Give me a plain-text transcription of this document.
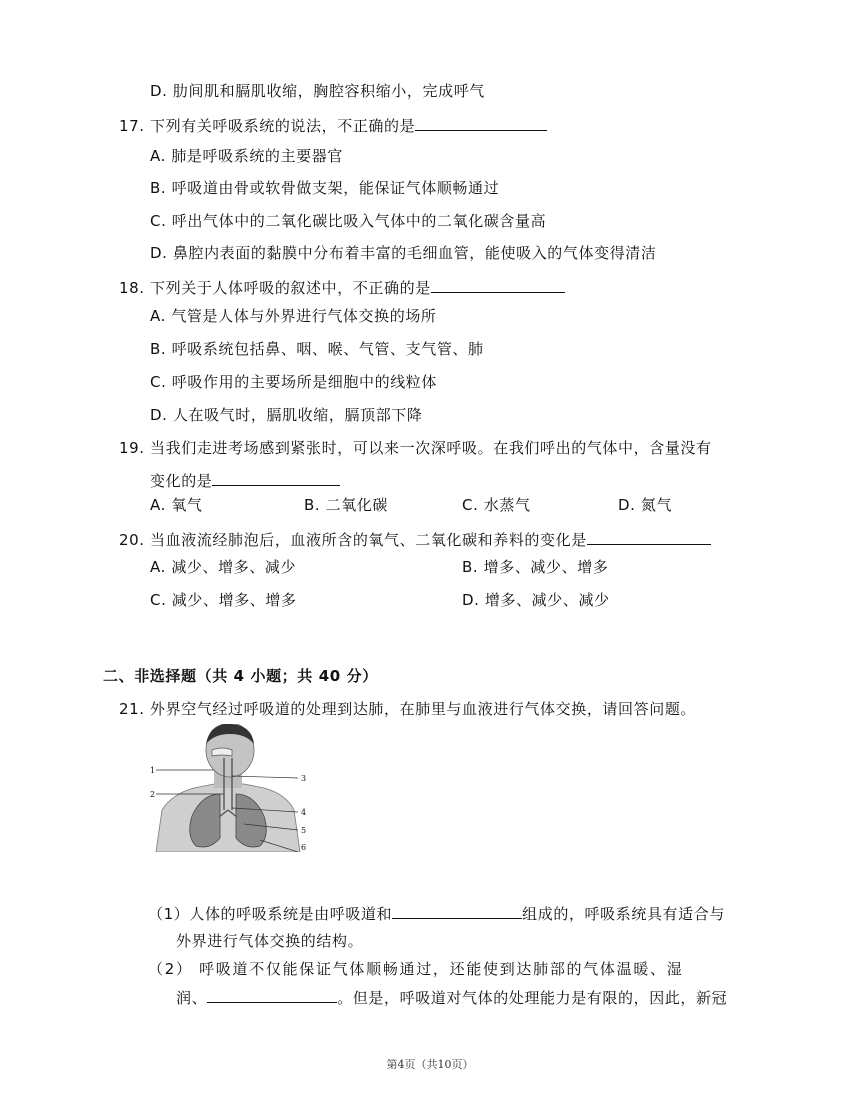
D. 肋间肌和膈肌收缩，胸腔容积缩小，完成呼气
17. 下列有关呼吸系统的说法，不正确的是
A. 肺是呼吸系统的主要器官
B. 呼吸道由骨或软骨做支架，能保证气体顺畅通过
C. 呼出气体中的二氧化碳比吸入气体中的二氧化碳含量高
D. 鼻腔内表面的黏膜中分布着丰富的毛细血管，能使吸入的气体变得清洁
18. 下列关于人体呼吸的叙述中，不正确的是
A. 气管是人体与外界进行气体交换的场所
B. 呼吸系统包括鼻、咽、喉、气管、支气管、肺
C. 呼吸作用的主要场所是细胞中的线粒体
D. 人在吸气时，膈肌收缩，膈顶部下降
19. 当我们走进考场感到紧张时，可以来一次深呼吸。在我们呼出的气体中，含量没有
变化的是
A. 氧气	B. 二氧化碳	C. 水蒸气	D. 氮气
20. 当血液流经肺泡后，血液所含的氧气、二氧化碳和养料的变化是
A. 减少、增多、减少	B. 增多、减少、增多
C. 减少、增多、增多	D. 增多、减少、减少
二、非选择题（共 4 小题；共 40 分）
21. 外界空气经过呼吸道的处理到达肺，在肺里与血液进行气体交换，请回答问题。
1
2
3
4
5
6
（1）人体的呼吸系统是由呼吸道和	组成的，呼吸系统具有适合与
外界进行气体交换的结构。
（2） 呼吸道不仅能保证气体顺畅通过，还能使到达肺部的气体温暖、湿
润、	。但是，呼吸道对气体的处理能力是有限的，因此，新冠
第4页（共10页）
